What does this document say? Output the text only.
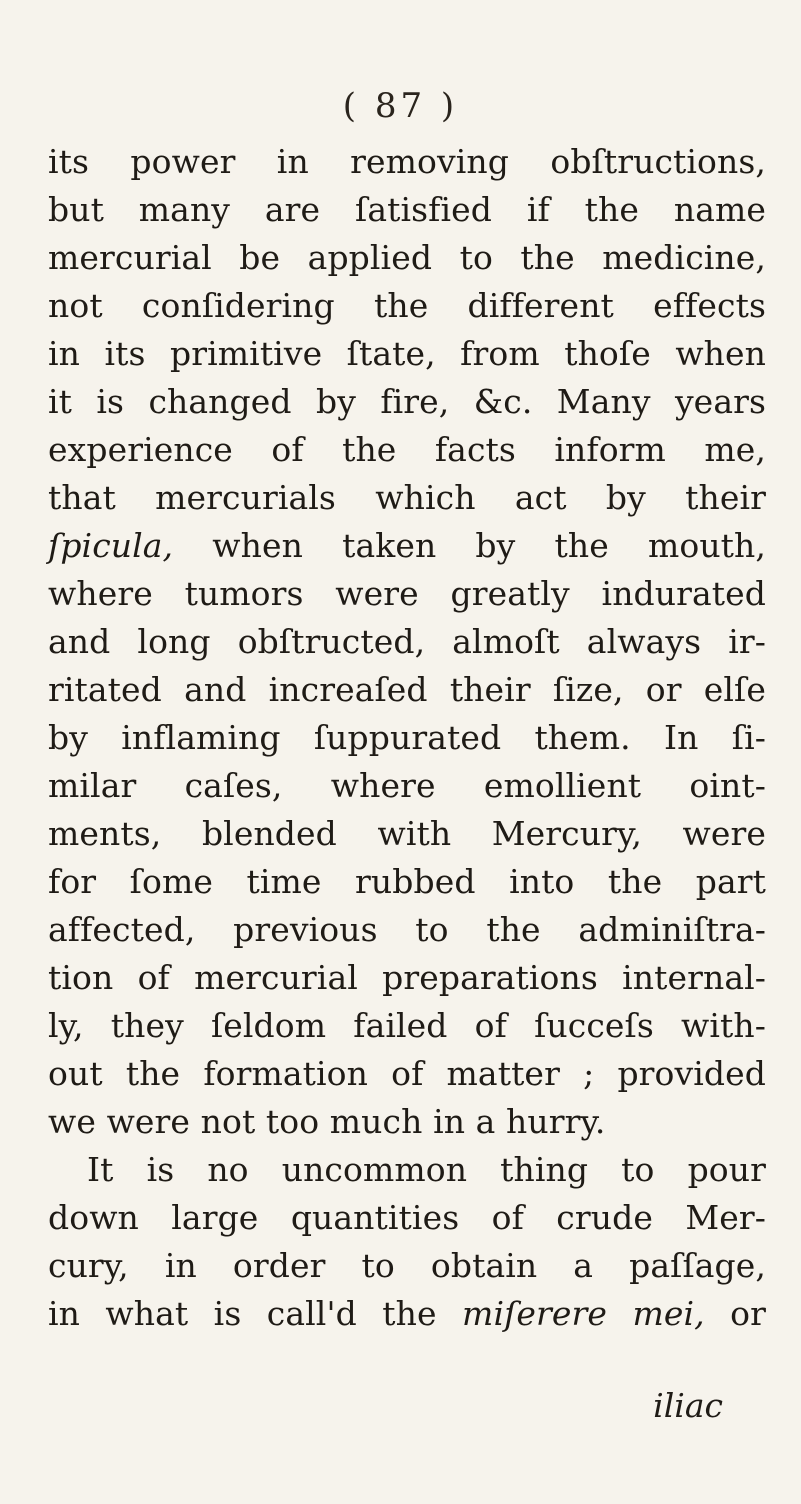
( 87 )
its power in removing obſtructions,
but many are ſatisfied if the name
mercurial be applied to the medicine,
not conſidering the different effects
in its primitive ſtate, from thoſe when
it is changed by fire, &c. Many years
experience of the facts inform me,
that mercurials which act by their
ſpicula, when taken by the mouth,
where tumors were greatly indurated
and long obſtructed, almoſt always ir-
ritated and increaſed their ſize, or elſe
by inflaming ſuppurated them. In ſi-
milar caſes, where emollient oint-
ments, blended with Mercury, were
for ſome time rubbed into the part
affected, previous to the adminiſtra-
tion of mercurial preparations internal-
ly, they ſeldom failed of ſucceſs with-
out the formation of matter ; provided
we were not too much in a hurry.
It is no uncommon thing to pour
down large quantities of crude Mer-
cury, in order to obtain a paſſage,
in what is call'd the miſerere mei, or
iliac
